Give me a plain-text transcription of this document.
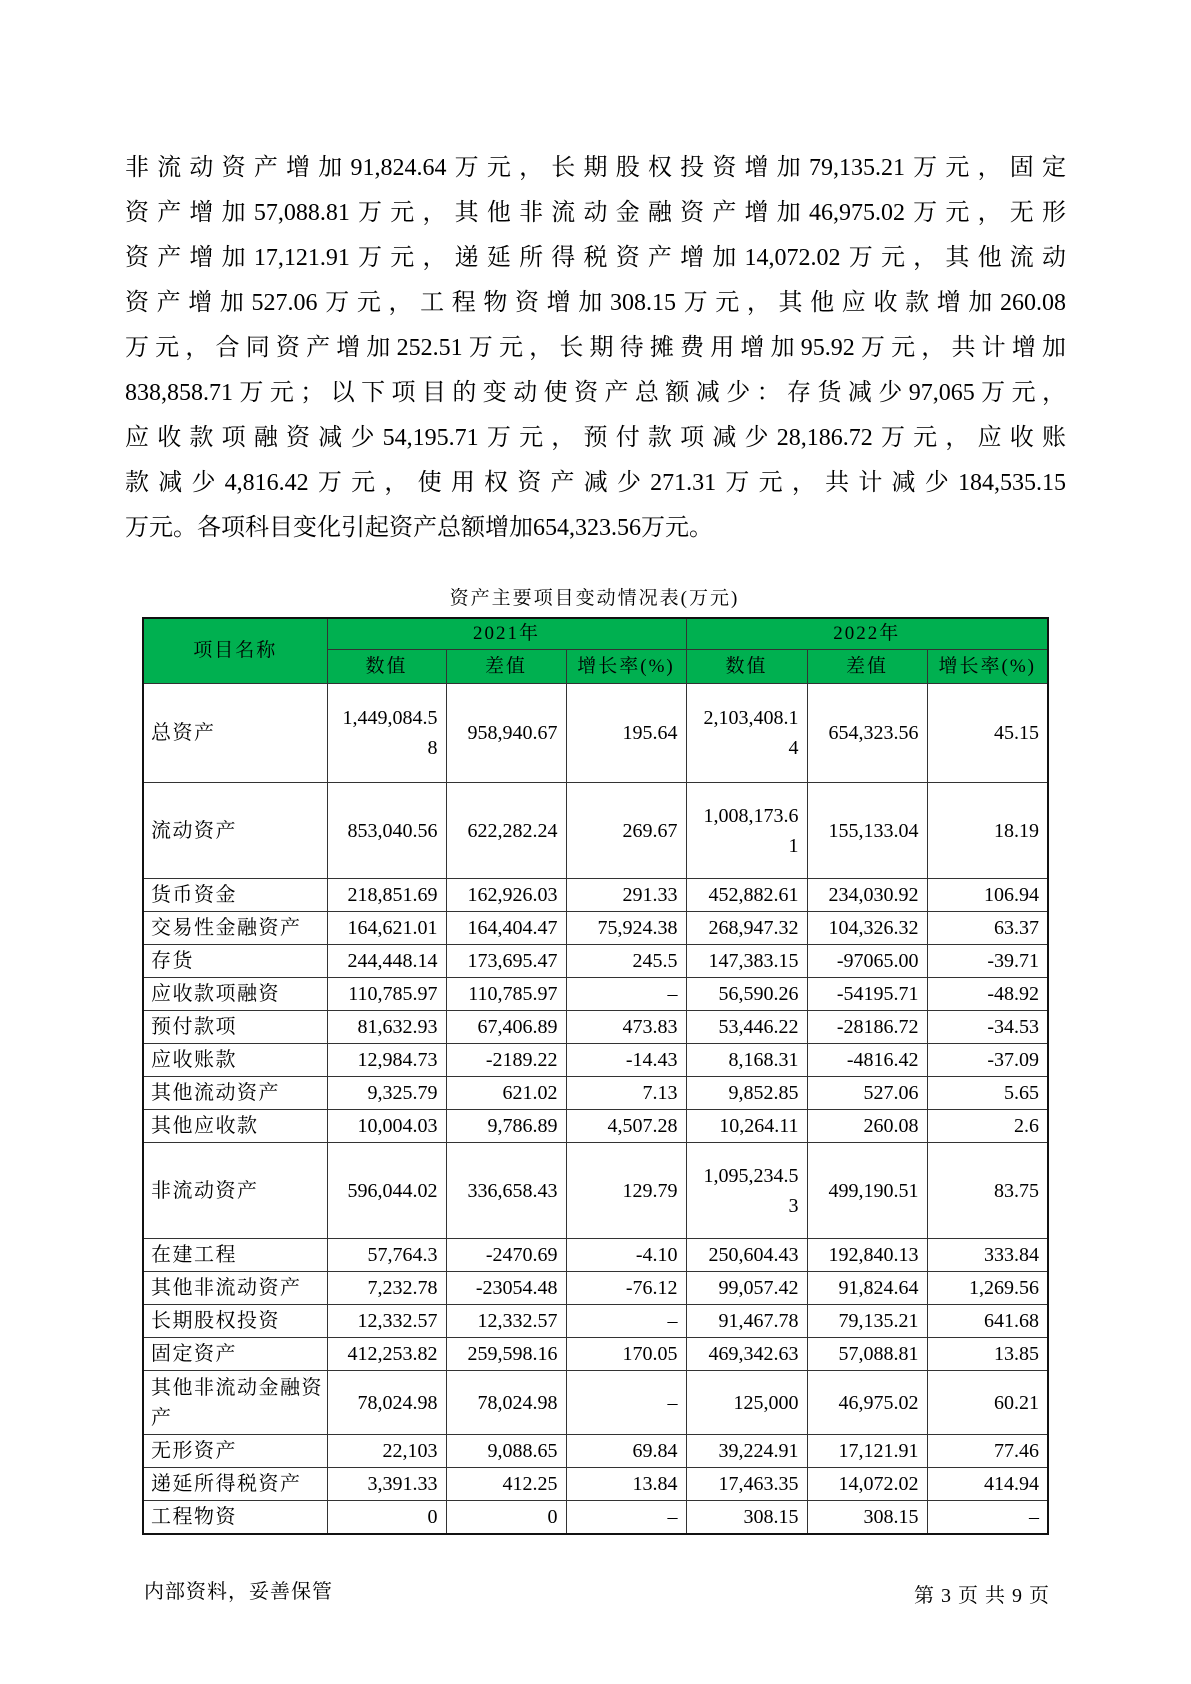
非流动资产增加91,824.64万元，长期股权投资增加79,135.21万元，固定
资产增加57,088.81万元，其他非流动金融资产增加46,975.02万元，无形
资产增加17,121.91万元，递延所得税资产增加14,072.02万元，其他流动
资产增加527.06万元，工程物资增加308.15万元，其他应收款增加260.08
万元，合同资产增加252.51万元，长期待摊费用增加95.92万元，共计增加
838,858.71万元；以下项目的变动使资产总额减少：存货减少97,065万元，
应收款项融资减少54,195.71万元，预付款项减少28,186.72万元，应收账
款减少4,816.42万元，使用权资产减少271.31万元，共计减少184,535.15
万元。各项科目变化引起资产总额增加654,323.56万元。
资产主要项目变动情况表(万元)
项目名称	2021年			2022年		
	数值	差值	增长率(%)	数值	差值	增长率(%)
总资产	1,449,084.58	958,940.67	195.64	2,103,408.14	654,323.56	45.15
流动资产	853,040.56	622,282.24	269.67	1,008,173.61	155,133.04	18.19
货币资金	218,851.69	162,926.03	291.33	452,882.61	234,030.92	106.94
交易性金融资产	164,621.01	164,404.47	75,924.38	268,947.32	104,326.32	63.37
存货	244,448.14	173,695.47	245.5	147,383.15	-97065.00	-39.71
应收款项融资	110,785.97	110,785.97	–	56,590.26	-54195.71	-48.92
预付款项	81,632.93	67,406.89	473.83	53,446.22	-28186.72	-34.53
应收账款	12,984.73	-2189.22	-14.43	8,168.31	-4816.42	-37.09
其他流动资产	9,325.79	621.02	7.13	9,852.85	527.06	5.65
其他应收款	10,004.03	9,786.89	4,507.28	10,264.11	260.08	2.6
非流动资产	596,044.02	336,658.43	129.79	1,095,234.53	499,190.51	83.75
在建工程	57,764.3	-2470.69	-4.10	250,604.43	192,840.13	333.84
其他非流动资产	7,232.78	-23054.48	-76.12	99,057.42	91,824.64	1,269.56
长期股权投资	12,332.57	12,332.57	–	91,467.78	79,135.21	641.68
固定资产	412,253.82	259,598.16	170.05	469,342.63	57,088.81	13.85
其他非流动金融资产	78,024.98	78,024.98	–	125,000	46,975.02	60.21
无形资产	22,103	9,088.65	69.84	39,224.91	17,121.91	77.46
递延所得税资产	3,391.33	412.25	13.84	17,463.35	14,072.02	414.94
工程物资	0	0	–	308.15	308.15	–
内部资料，妥善保管	第 3 页 共 9 页
